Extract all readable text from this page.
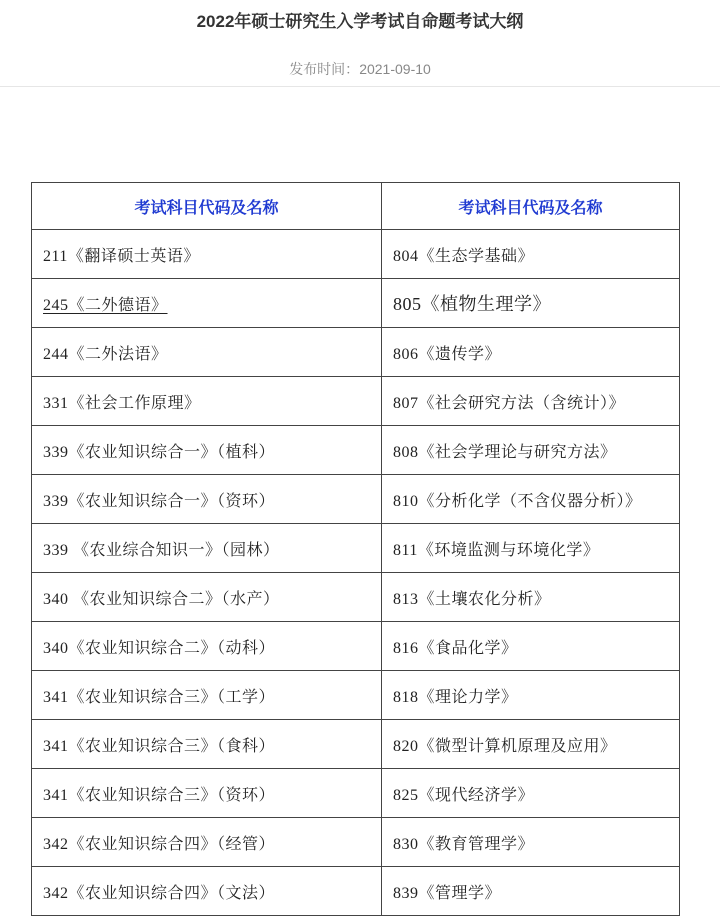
2022年硕士研究生入学考试自命题考试大纲
发布时间：2021-09-10
考试科目代码及名称	考试科目代码及名称
211《翻译硕士英语》	804《生态学基础》
245《二外德语》	805《植物生理学》
244《二外法语》	806《遗传学》
331《社会工作原理》	807《社会研究方法（含统计）》
339《农业知识综合一》（植科）	808《社会学理论与研究方法》
339《农业知识综合一》（资环）	810《分析化学（不含仪器分析）》
339 《农业综合知识一》（园林）	811《环境监测与环境化学》
340 《农业知识综合二》（水产）	813《土壤农化分析》
340《农业知识综合二》（动科）	816《食品化学》
341《农业知识综合三》（工学）	818《理论力学》
341《农业知识综合三》（食科）	820《微型计算机原理及应用》
341《农业知识综合三》（资环）	825《现代经济学》
342《农业知识综合四》（经管）	830《教育管理学》
342《农业知识综合四》（文法）	839《管理学》
